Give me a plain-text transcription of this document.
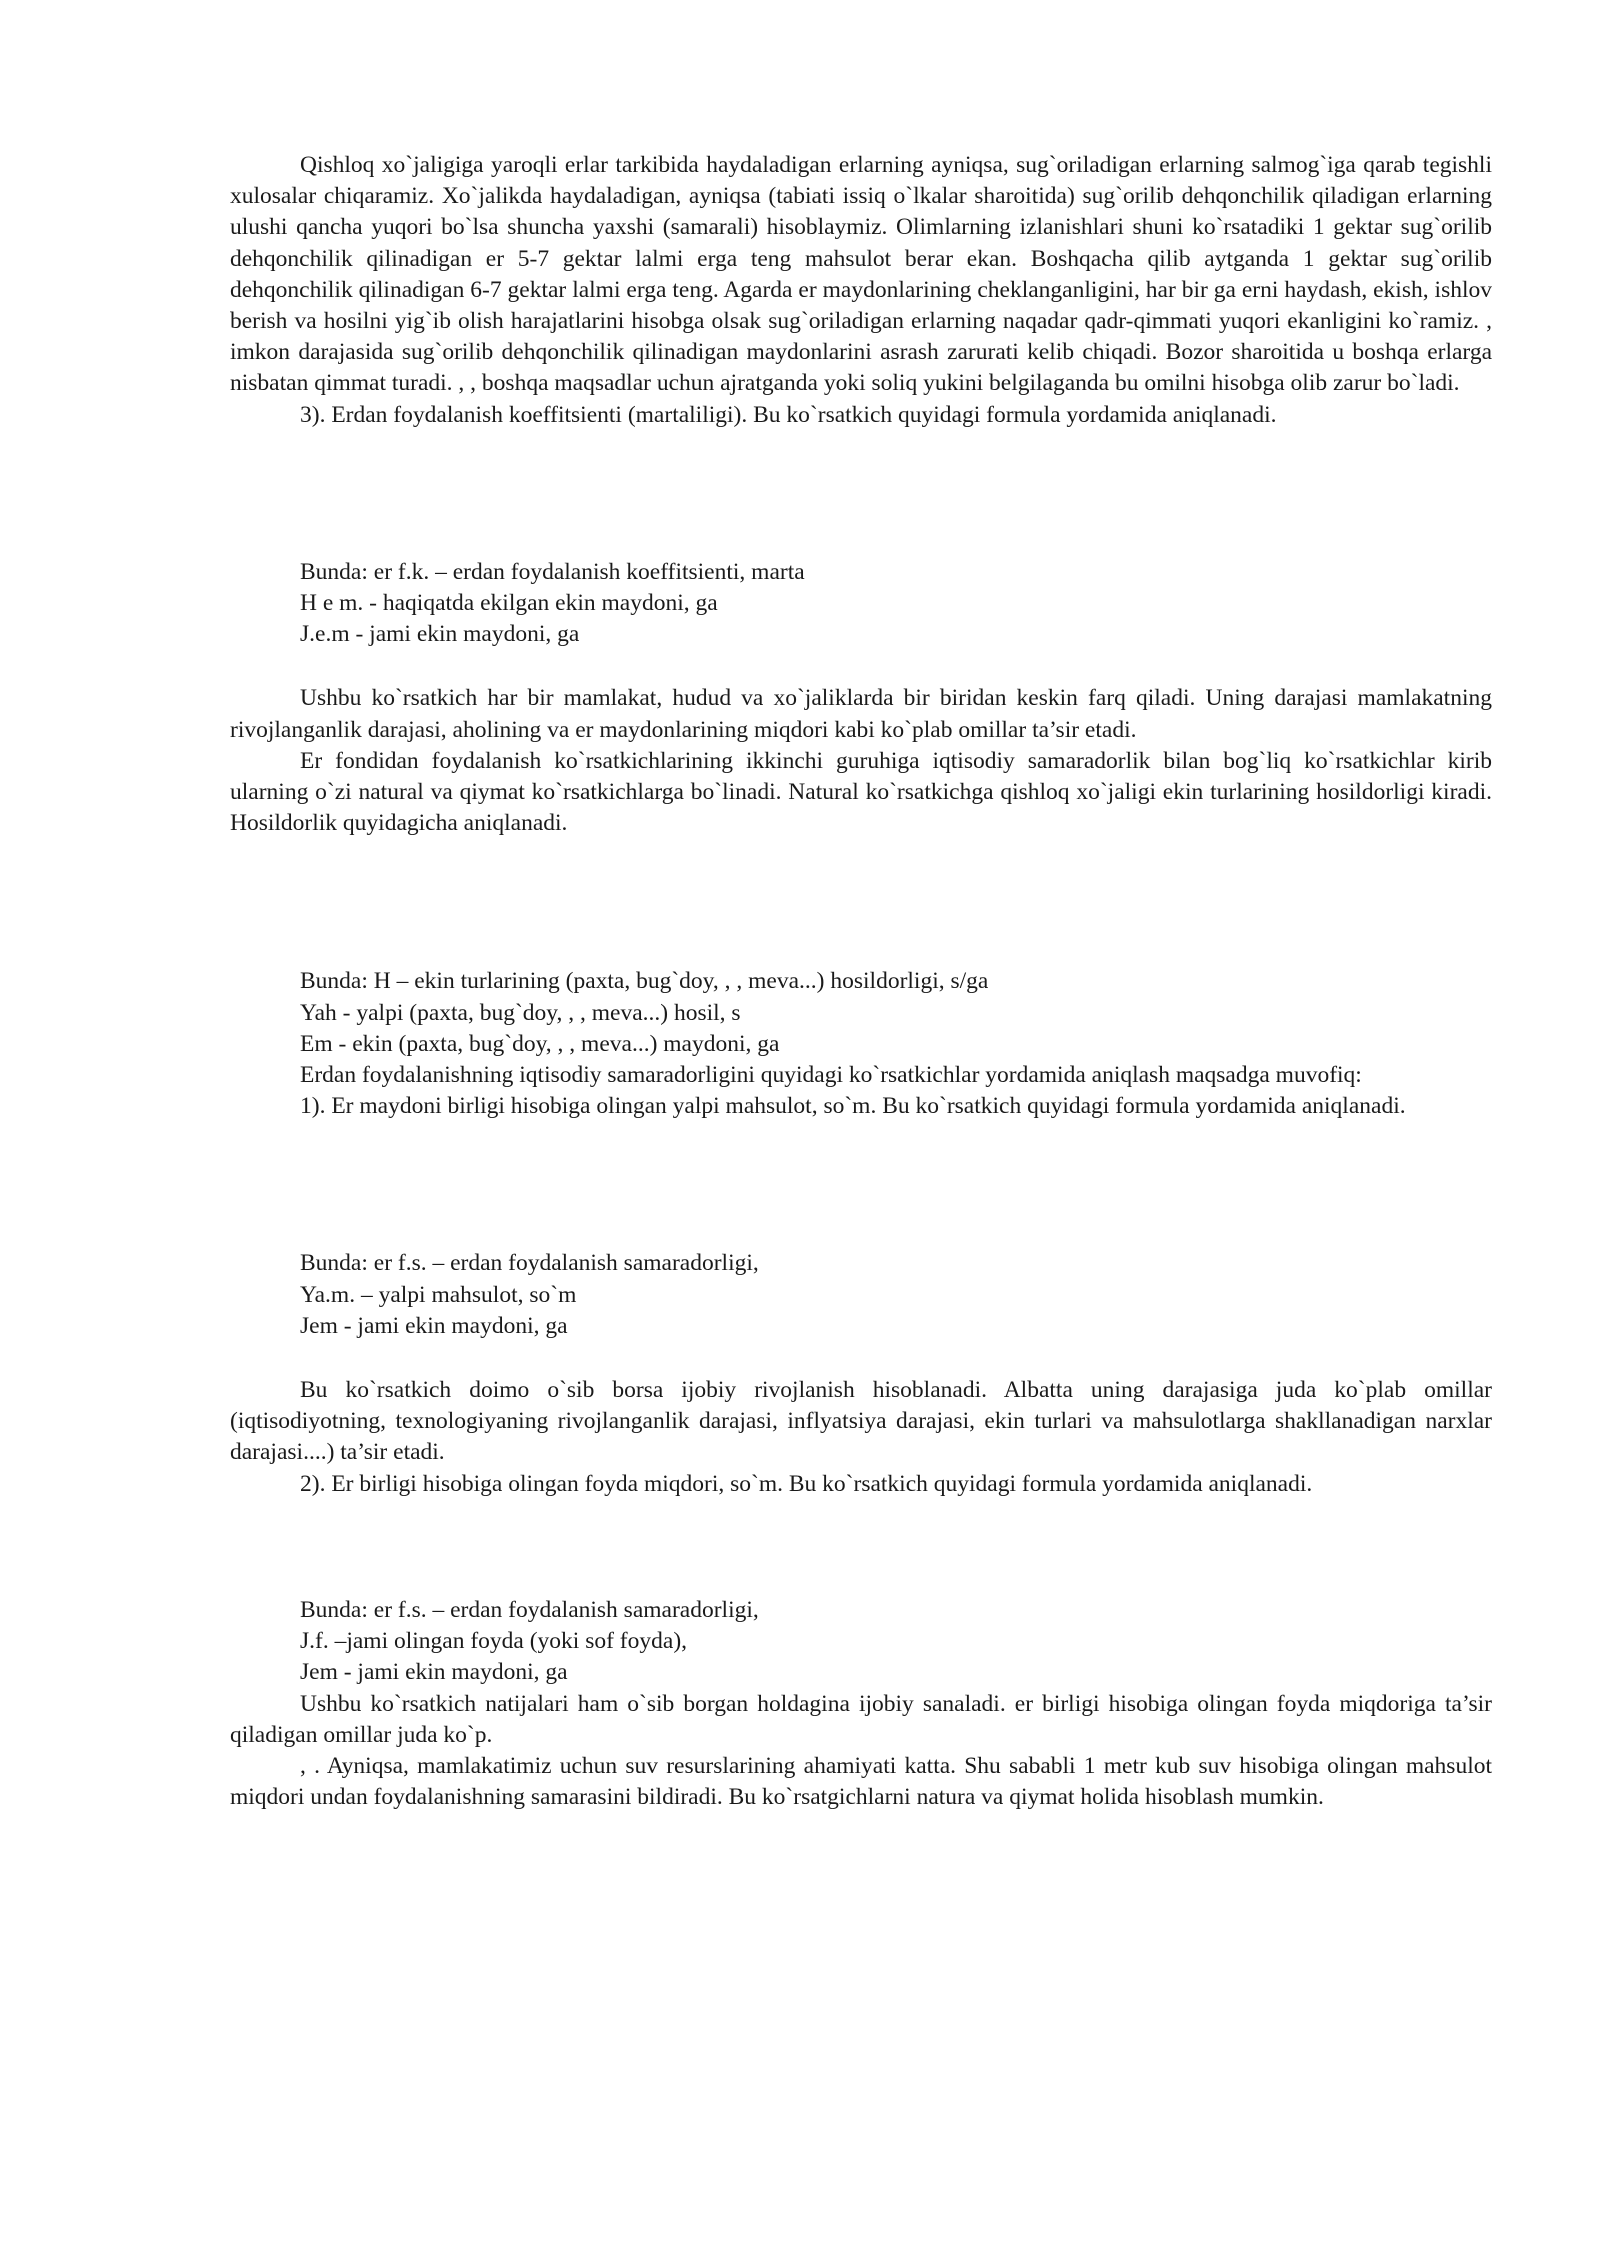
Qishloq xo`jaligiga yaroqli erlar tarkibida haydaladigan erlarning ayniqsa, sug`oriladigan erlarning salmog`iga qarab tegishli xulosalar chiqaramiz. Xo`jalikda haydaladigan, ayniqsa (tabiati issiq o`lkalar sharoitida) sug`orilib dehqonchilik qiladigan erlarning ulushi qancha yuqori bo`lsa shuncha yaxshi (samarali) hisoblaymiz. Olimlarning izlanishlari shuni ko`rsatadiki 1 gektar sug`orilib dehqonchilik qilinadigan er 5-7 gektar lalmi erga teng mahsulot berar ekan. Boshqacha qilib aytganda 1 gektar sug`orilib dehqonchilik qilinadigan 6-7 gektar lalmi erga teng. Agarda er maydonlarining cheklanganligini, har bir ga erni haydash, ekish, ishlov berish va hosilni yig`ib olish harajatlarini hisobga olsak sug`oriladigan erlarning naqadar qadr-qimmati yuqori ekanligini ko`ramiz. , imkon darajasida sug`orilib dehqonchilik qilinadigan maydonlarini asrash zarurati kelib chiqadi. Bozor sharoitida u boshqa erlarga nisbatan qimmat turadi. , , boshqa maqsadlar uchun ajratganda yoki soliq yukini belgilaganda bu omilni hisobga olib zarur bo`ladi.

3). Erdan foydalanish koeffitsienti (martaliligi). Bu ko`rsatkich quyidagi formula yordamida aniqlanadi.

Bunda: er f.k. – erdan foydalanish koeffitsienti, marta

H e m. - haqiqatda ekilgan ekin maydoni, ga

J.e.m - jami ekin maydoni, ga

Ushbu ko`rsatkich har bir mamlakat, hudud va xo`jaliklarda bir biridan keskin farq qiladi. Uning darajasi mamlakatning rivojlanganlik darajasi, aholining va er maydonlarining miqdori kabi ko`plab omillar ta’sir etadi.

Er fondidan foydalanish ko`rsatkichlarining ikkinchi guruhiga iqtisodiy samaradorlik bilan bog`liq ko`rsatkichlar kirib ularning o`zi natural va qiymat ko`rsatkichlarga bo`linadi. Natural ko`rsatkichga qishloq xo`jaligi ekin turlarining hosildorligi kiradi. Hosildorlik quyidagicha aniqlanadi.

Bunda: H – ekin turlarining (paxta, bug`doy, , , meva...) hosildorligi, s/ga

Yah - yalpi (paxta, bug`doy, , , meva...) hosil, s

Em - ekin (paxta, bug`doy, , , meva...) maydoni, ga

Erdan foydalanishning iqtisodiy samaradorligini quyidagi ko`rsatkichlar yordamida aniqlash maqsadga muvofiq:

1). Er maydoni birligi hisobiga olingan yalpi mahsulot, so`m. Bu ko`rsatkich quyidagi formula yordamida aniqlanadi.

Bunda: er f.s. – erdan foydalanish samaradorligi,

Ya.m. – yalpi mahsulot, so`m

Jem - jami ekin maydoni, ga

Bu ko`rsatkich doimo o`sib borsa ijobiy rivojlanish hisoblanadi. Albatta uning darajasiga juda ko`plab omillar (iqtisodiyotning, texnologiyaning rivojlanganlik darajasi, inflyatsiya darajasi, ekin turlari va mahsulotlarga shakllanadigan narxlar darajasi....) ta’sir etadi.

2). Er birligi hisobiga olingan foyda miqdori, so`m. Bu ko`rsatkich quyidagi formula yordamida aniqlanadi.

Bunda: er f.s. – erdan foydalanish samaradorligi,

J.f. –jami olingan foyda (yoki sof foyda),

Jem - jami ekin maydoni, ga

Ushbu ko`rsatkich natijalari ham o`sib borgan holdagina ijobiy sanaladi. er birligi hisobiga olingan foyda miqdoriga ta’sir qiladigan omillar juda ko`p.

, . Ayniqsa, mamlakatimiz uchun suv resurslarining ahamiyati katta. Shu sababli 1 metr kub suv hisobiga olingan mahsulot miqdori undan foydalanishning samarasini bildiradi. Bu ko`rsatgichlarni natura va qiymat holida hisoblash mumkin.
